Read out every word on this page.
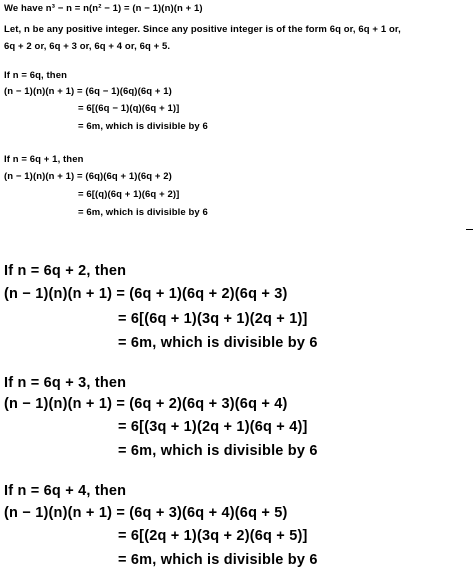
We have n³ − n = n(n² − 1) = (n − 1)(n)(n + 1)
Let, n be any positive integer. Since any positive integer is of the form 6q or, 6q + 1 or,
6q + 2 or, 6q + 3 or, 6q + 4 or, 6q + 5.
If n = 6q, then
(n − 1)(n)(n + 1) = (6q − 1)(6q)(6q + 1)
= 6[(6q − 1)(q)(6q + 1)]
= 6m, which is divisible by 6
If n = 6q + 1, then
(n − 1)(n)(n + 1) = (6q)(6q + 1)(6q + 2)
= 6[(q)(6q + 1)(6q + 2)]
= 6m, which is divisible by 6
If n = 6q + 2, then
(n − 1)(n)(n + 1) = (6q + 1)(6q + 2)(6q + 3)
= 6[(6q + 1)(3q + 1)(2q + 1)]
= 6m, which is divisible by 6
If n = 6q + 3, then
(n − 1)(n)(n + 1) = (6q + 2)(6q + 3)(6q + 4)
= 6[(3q + 1)(2q + 1)(6q + 4)]
= 6m, which is divisible by 6
If n = 6q + 4, then
(n − 1)(n)(n + 1) = (6q + 3)(6q + 4)(6q + 5)
= 6[(2q + 1)(3q + 2)(6q + 5)]
= 6m, which is divisible by 6
